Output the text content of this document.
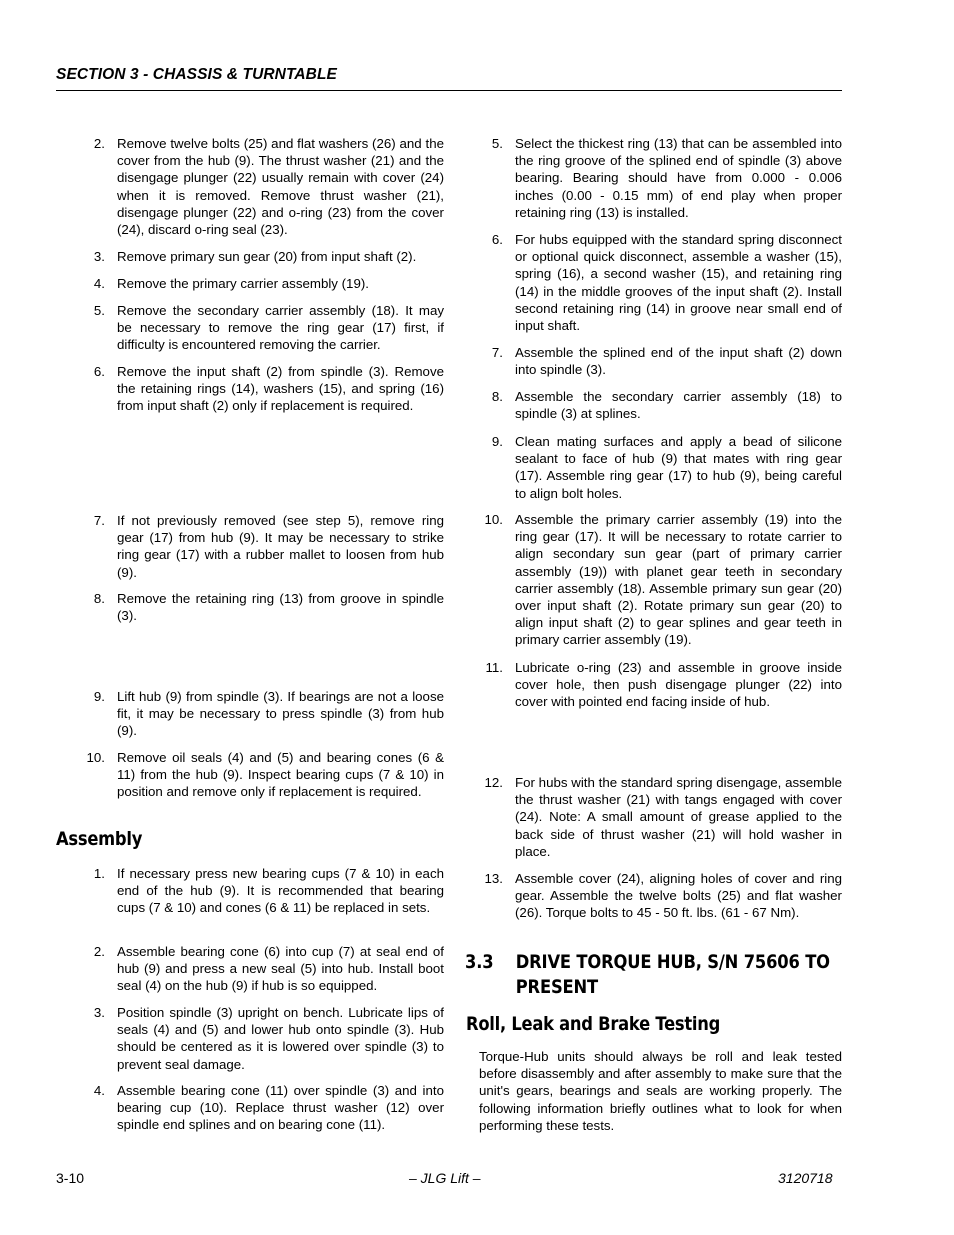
SECTION 3 - CHASSIS & TURNTABLE
2. Remove twelve bolts (25) and flat washers (26) and the cover from the hub (9). The thrust washer (21) and the disengage plunger (22) usually remain with cover (24) when it is removed. Remove thrust washer (21), disengage plunger (22) and o-ring (23) from the cover (24), discard o-ring seal (23).
3. Remove primary sun gear (20) from input shaft (2).
4. Remove the primary carrier assembly (19).
5. Remove the secondary carrier assembly (18). It may be necessary to remove the ring gear (17) first, if difficulty is encountered removing the carrier.
6. Remove the input shaft (2) from spindle (3). Remove the retaining rings (14), washers (15), and spring (16) from input shaft (2) only if replacement is required.
7. If not previously removed (see step 5), remove ring gear (17) from hub (9). It may be necessary to strike ring gear (17) with a rubber mallet to loosen from hub (9).
8. Remove the retaining ring (13) from groove in spindle (3).
9. Lift hub (9) from spindle (3). If bearings are not a loose fit, it may be necessary to press spindle (3) from hub (9).
10. Remove oil seals (4) and (5) and bearing cones (6 & 11) from the hub (9). Inspect bearing cups (7 & 10) in position and remove only if replacement is required.
Assembly
1. If necessary press new bearing cups (7 & 10) in each end of the hub (9). It is recommended that bearing cups (7 & 10) and cones (6 & 11) be replaced in sets.
2. Assemble bearing cone (6) into cup (7) at seal end of hub (9) and press a new seal (5) into hub. Install boot seal (4) on the hub (9) if hub is so equipped.
3. Position spindle (3) upright on bench. Lubricate lips of seals (4) and (5) and lower hub onto spindle (3). Hub should be centered as it is lowered over spindle (3) to prevent seal damage.
4. Assemble bearing cone (11) over spindle (3) and into bearing cup (10). Replace thrust washer (12) over spindle end splines and on bearing cone (11).
5. Select the thickest ring (13) that can be assembled into the ring groove of the splined end of spindle (3) above bearing. Bearing should have from 0.000 - 0.006 inches (0.00 - 0.15 mm) of end play when proper retaining ring (13) is installed.
6. For hubs equipped with the standard spring disconnect or optional quick disconnect, assemble a washer (15), spring (16), a second washer (15), and retaining ring (14) in the middle grooves of the input shaft (2). Install second retaining ring (14) in groove near small end of input shaft.
7. Assemble the splined end of the input shaft (2) down into spindle (3).
8. Assemble the secondary carrier assembly (18) to spindle (3) at splines.
9. Clean mating surfaces and apply a bead of silicone sealant to face of hub (9) that mates with ring gear (17). Assemble ring gear (17) to hub (9), being careful to align bolt holes.
10. Assemble the primary carrier assembly (19) into the ring gear (17). It will be necessary to rotate carrier to align secondary sun gear (part of primary carrier assembly (19)) with planet gear teeth in secondary carrier assembly (18). Assemble primary sun gear (20) over input shaft (2). Rotate primary sun gear (20) to align input shaft (2) to gear splines and gear teeth in primary carrier assembly (19).
11. Lubricate o-ring (23) and assemble in groove inside cover hole, then push disengage plunger (22) into cover with pointed end facing inside of hub.
12. For hubs with the standard spring disengage, assemble the thrust washer (21) with tangs engaged with cover (24). Note: A small amount of grease applied to the back side of thrust washer (21) will hold washer in place.
13. Assemble cover (24), aligning holes of cover and ring gear. Assemble the twelve bolts (25) and flat washer (26). Torque bolts to 45 - 50 ft. lbs. (61 - 67 Nm).
3.3 DRIVE TORQUE HUB, S/N 75606 TO
PRESENT
Roll, Leak and Brake Testing
Torque-Hub units should always be roll and leak tested before disassembly and after assembly to make sure that the unit's gears, bearings and seals are working properly. The following information briefly outlines what to look for when performing these tests.
3-10	– JLG Lift –	3120718
